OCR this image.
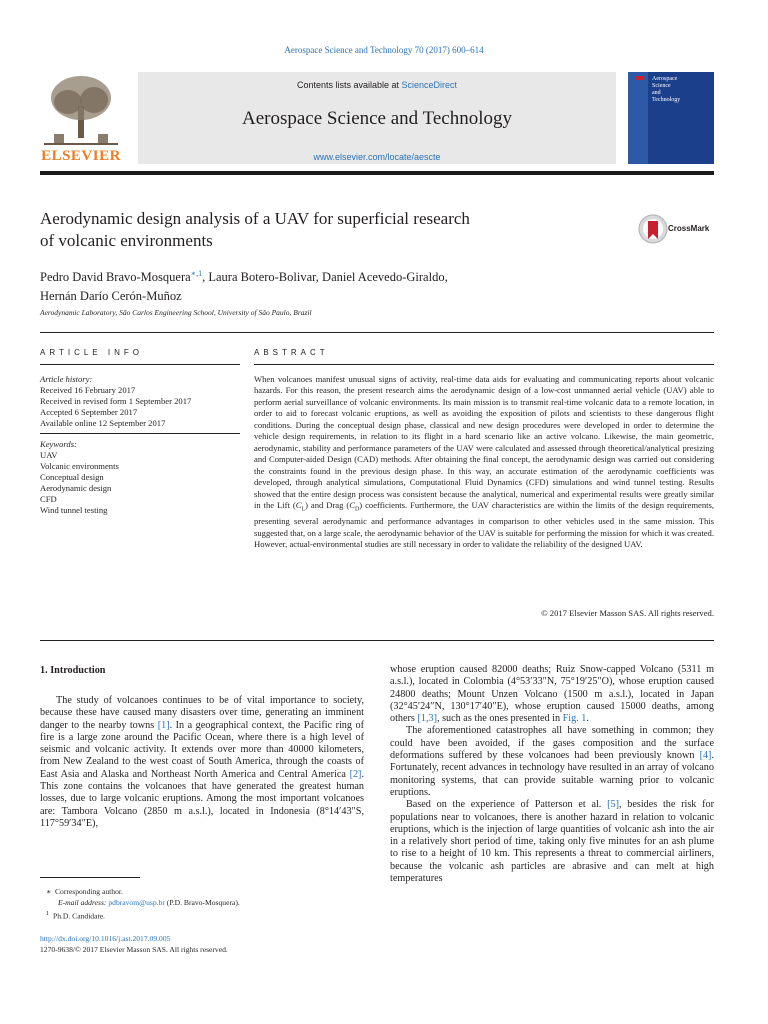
Aerospace Science and Technology 70 (2017) 600–614
ELSEVIER
Contents lists available at ScienceDirect
Aerospace Science and Technology
www.elsevier.com/locate/aescte
Aerospace
Science
and
Technology
Aerodynamic design analysis of a UAV for superficial research
of volcanic environments
CrossMark
Pedro David Bravo-Mosquera$^{∗,1}$, Laura Botero-Bolivar, Daniel Acevedo-Giraldo,
Hernán Darío Cerón-Muñoz
Aerodynamic Laboratory, São Carlos Engineering School, University of São Paulo, Brazil
ARTICLE INFO
Article history:
Received 16 February 2017
Received in revised form 1 September 2017
Accepted 6 September 2017
Available online 12 September 2017
Keywords:
UAV
Volcanic environments
Conceptual design
Aerodynamic design
CFD
Wind tunnel testing
ABSTRACT
When volcanoes manifest unusual signs of activity, real-time data aids for evaluating and communicating reports about volcanic hazards. For this reason, the present research aims the aerodynamic design of a low-cost unmanned aerial vehicle (UAV) able to perform aerial surveillance of volcanic environments. Its main mission is to transmit real-time volcanic data to a remote location, in order to aid to forecast volcanic eruptions, as well as avoiding the exposition of pilots and scientists to these dangerous flight conditions. During the conceptual design phase, classical and new design procedures were developed in order to determine the vehicle design requirements, in relation to its flight in a hard scenario like an active volcano. Likewise, the main geometric, aerodynamic, stability and performance parameters of the UAV were calculated and assessed through theoretical/analytical presizing and Computer-aided Design (CAD) methods. After obtaining the final concept, the aerodynamic design was carried out considering the constraints found in the previous design phase. In this way, an accurate estimation of the aerodynamic coefficients was developed, through analytical simulations, Computational Fluid Dynamics (CFD) simulations and wind tunnel testing. Results showed that the entire design process was consistent because the analytical, numerical and experimental results were greatly similar in the Lift $(C_L)$ and Drag $(C_D)$ coefficients. Furthermore, the UAV characteristics are within the limits of the design requirements, presenting several aerodynamic and performance advantages in comparison to other vehicles used in the same mission. This suggested that, on a large scale, the aerodynamic behavior of the UAV is suitable for performing the mission for which it was created. However, actual-environmental studies are still necessary in order to validate the reliability of the designed UAV.
© 2017 Elsevier Masson SAS. All rights reserved.
1. Introduction

The study of volcanoes continues to be of vital importance to society, because these have caused many disasters over time, generating an imminent danger to the nearby towns [1]. In a geographical context, the Pacific ring of fire is a large zone around the Pacific Ocean, where there is a high level of seismic and volcanic activity. It extends over more than 40000 kilometers, from New Zealand to the west coast of South America, through the coasts of East Asia and Alaska and Northeast North America and Central America [2]. This zone contains the volcanoes that have generated the greatest human losses, due to large volcanic eruptions. Among the most important volcanoes are: Tambora Volcano (2850 m a.s.l.), located in Indonesia (8°14′43″S, 117°59′34″E),

whose eruption caused 82000 deaths; Ruiz Snow-capped Volcano (5311 m a.s.l.), located in Colombia (4°53′33″N, 75°19′25″O), whose eruption caused 24800 deaths; Mount Unzen Volcano (1500 m a.s.l.), located in Japan (32°45′24″N, 130°17′40″E), whose eruption caused 15000 deaths, among others [1,3], such as the ones presented in Fig. 1.

The aforementioned catastrophes all have something in common; they could have been avoided, if the gases composition and the surface deformations suffered by these volcanoes had been previously known [4]. Fortunately, recent advances in technology have resulted in an array of volcano monitoring systems, that can provide suitable warning prior to volcanic eruptions.

Based on the experience of Patterson et al. [5], besides the risk for populations near to volcanoes, there is another hazard in relation to volcanic eruptions, which is the injection of large quantities of volcanic ash into the air in a relatively short period of time, taking only five minutes for an ash plume to rise to a height of 10 km. This represents a threat to commercial airliners, because the volcanic ash particles are abrasive and can melt at high temperatures

∗ Corresponding author.
E-mail address: pdbravom@usp.br (P.D. Bravo-Mosquera).
$^1$ Ph.D. Candidate.
http://dx.doi.org/10.1016/j.ast.2017.09.005
1270-9638/© 2017 Elsevier Masson SAS. All rights reserved.
